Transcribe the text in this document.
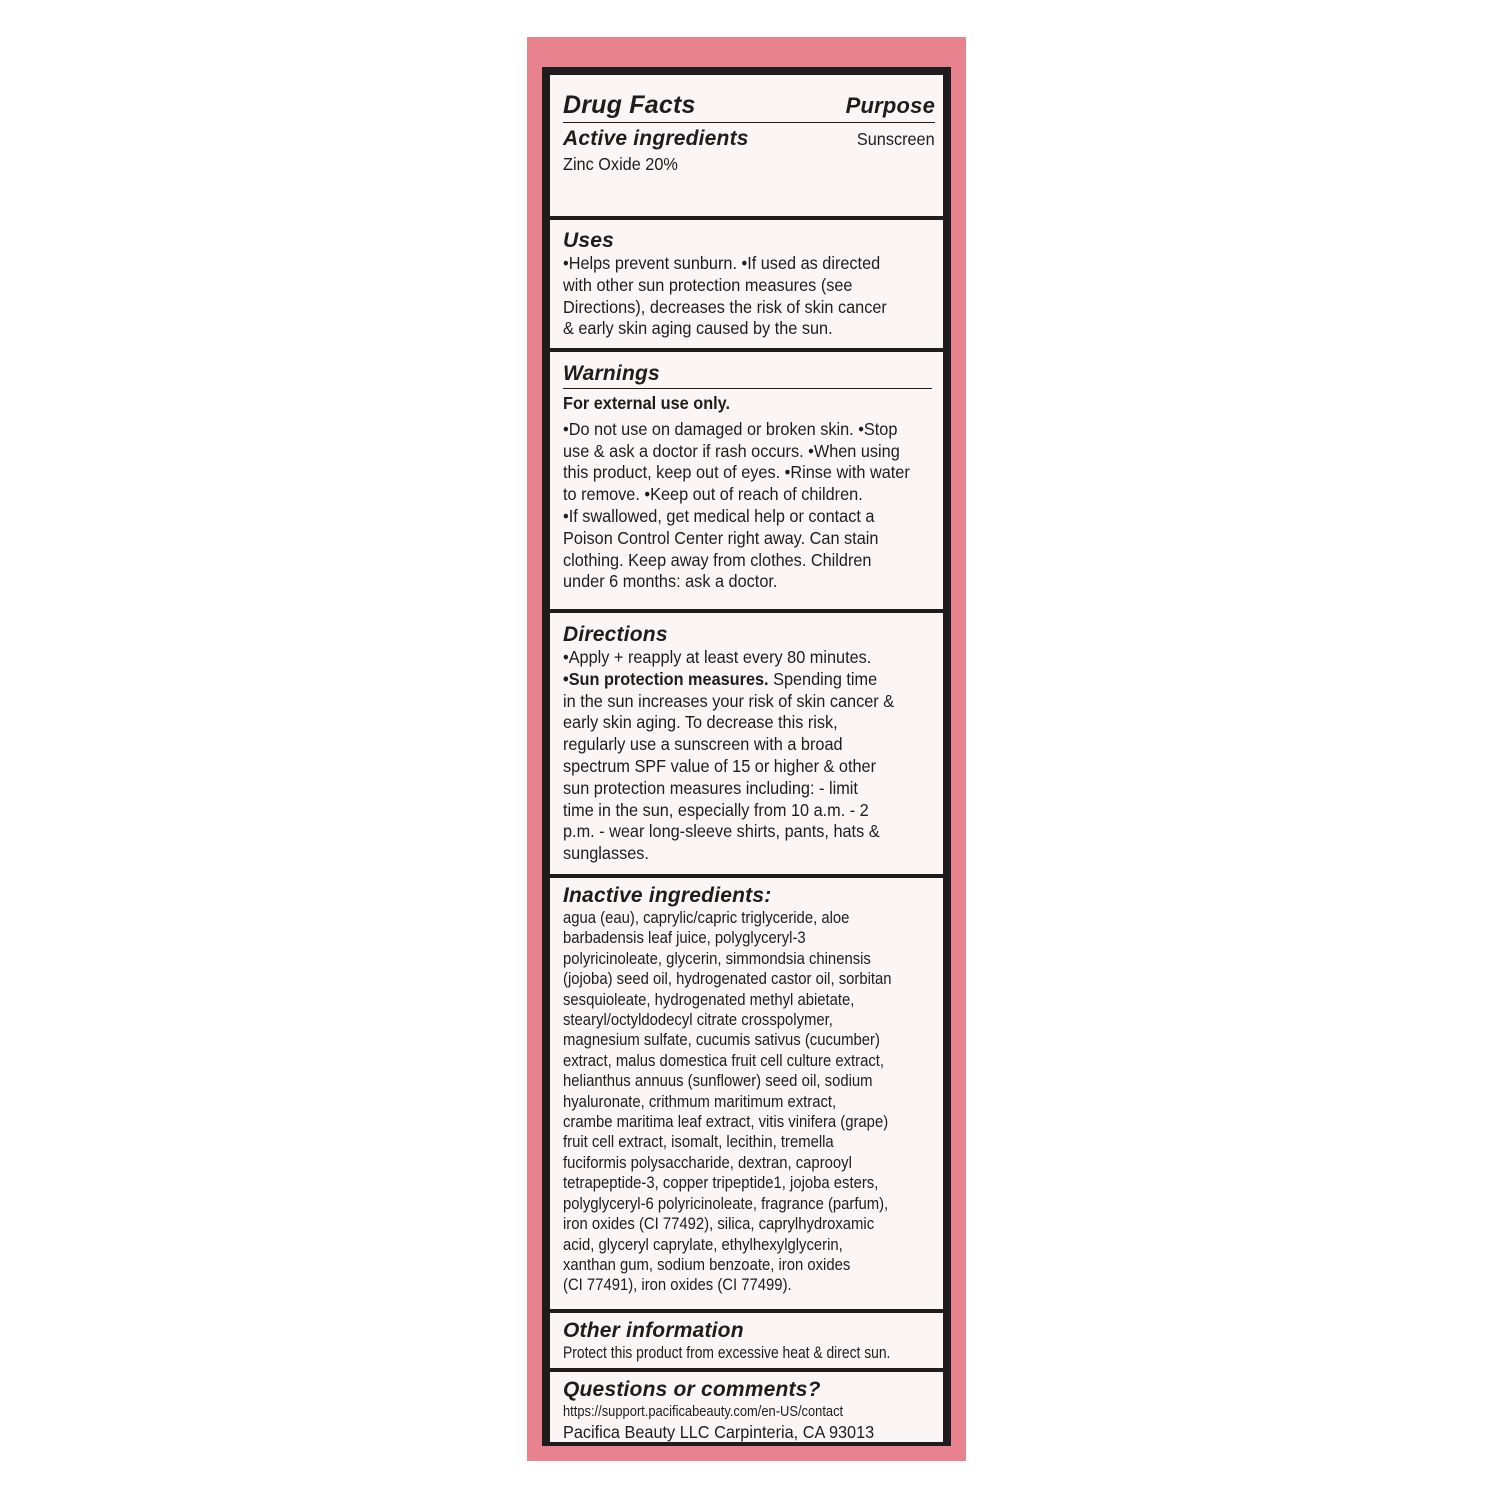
Drug Facts	Purpose
Active ingredients	Sunscreen
Zinc Oxide 20%
Uses
•Helps prevent sunburn. •If used as directed
with other sun protection measures (see
Directions), decreases the risk of skin cancer
& early skin aging caused by the sun.
Warnings
For external use only.
•Do not use on damaged or broken skin. •Stop
use & ask a doctor if rash occurs. •When using
this product, keep out of eyes. •Rinse with water
to remove. •Keep out of reach of children.
•If swallowed, get medical help or contact a
Poison Control Center right away. Can stain
clothing. Keep away from clothes. Children
under 6 months: ask a doctor.
Directions
•Apply + reapply at least every 80 minutes.
•Sun protection measures. Spending time
in the sun increases your risk of skin cancer &
early skin aging. To decrease this risk,
regularly use a sunscreen with a broad
spectrum SPF value of 15 or higher & other
sun protection measures including: - limit
time in the sun, especially from 10 a.m. - 2
p.m. - wear long-sleeve shirts, pants, hats &
sunglasses.
Inactive ingredients:
agua (eau), caprylic/capric triglyceride, aloe
barbadensis leaf juice, polyglyceryl-3
polyricinoleate, glycerin, simmondsia chinensis
(jojoba) seed oil, hydrogenated castor oil, sorbitan
sesquioleate, hydrogenated methyl abietate,
stearyl/octyldodecyl citrate crosspolymer,
magnesium sulfate, cucumis sativus (cucumber)
extract, malus domestica fruit cell culture extract,
helianthus annuus (sunflower) seed oil, sodium
hyaluronate, crithmum maritimum extract,
crambe maritima leaf extract, vitis vinifera (grape)
fruit cell extract, isomalt, lecithin, tremella
fuciformis polysaccharide, dextran, caprooyl
tetrapeptide-3, copper tripeptide1, jojoba esters,
polyglyceryl-6 polyricinoleate, fragrance (parfum),
iron oxides (CI 77492), silica, caprylhydroxamic
acid, glyceryl caprylate, ethylhexylglycerin,
xanthan gum, sodium benzoate, iron oxides
(CI 77491), iron oxides (CI 77499).
Other information
Protect this product from excessive heat & direct sun.
Questions or comments?
https://support.pacificabeauty.com/en-US/contact
Pacifica Beauty LLC Carpinteria, CA 93013
